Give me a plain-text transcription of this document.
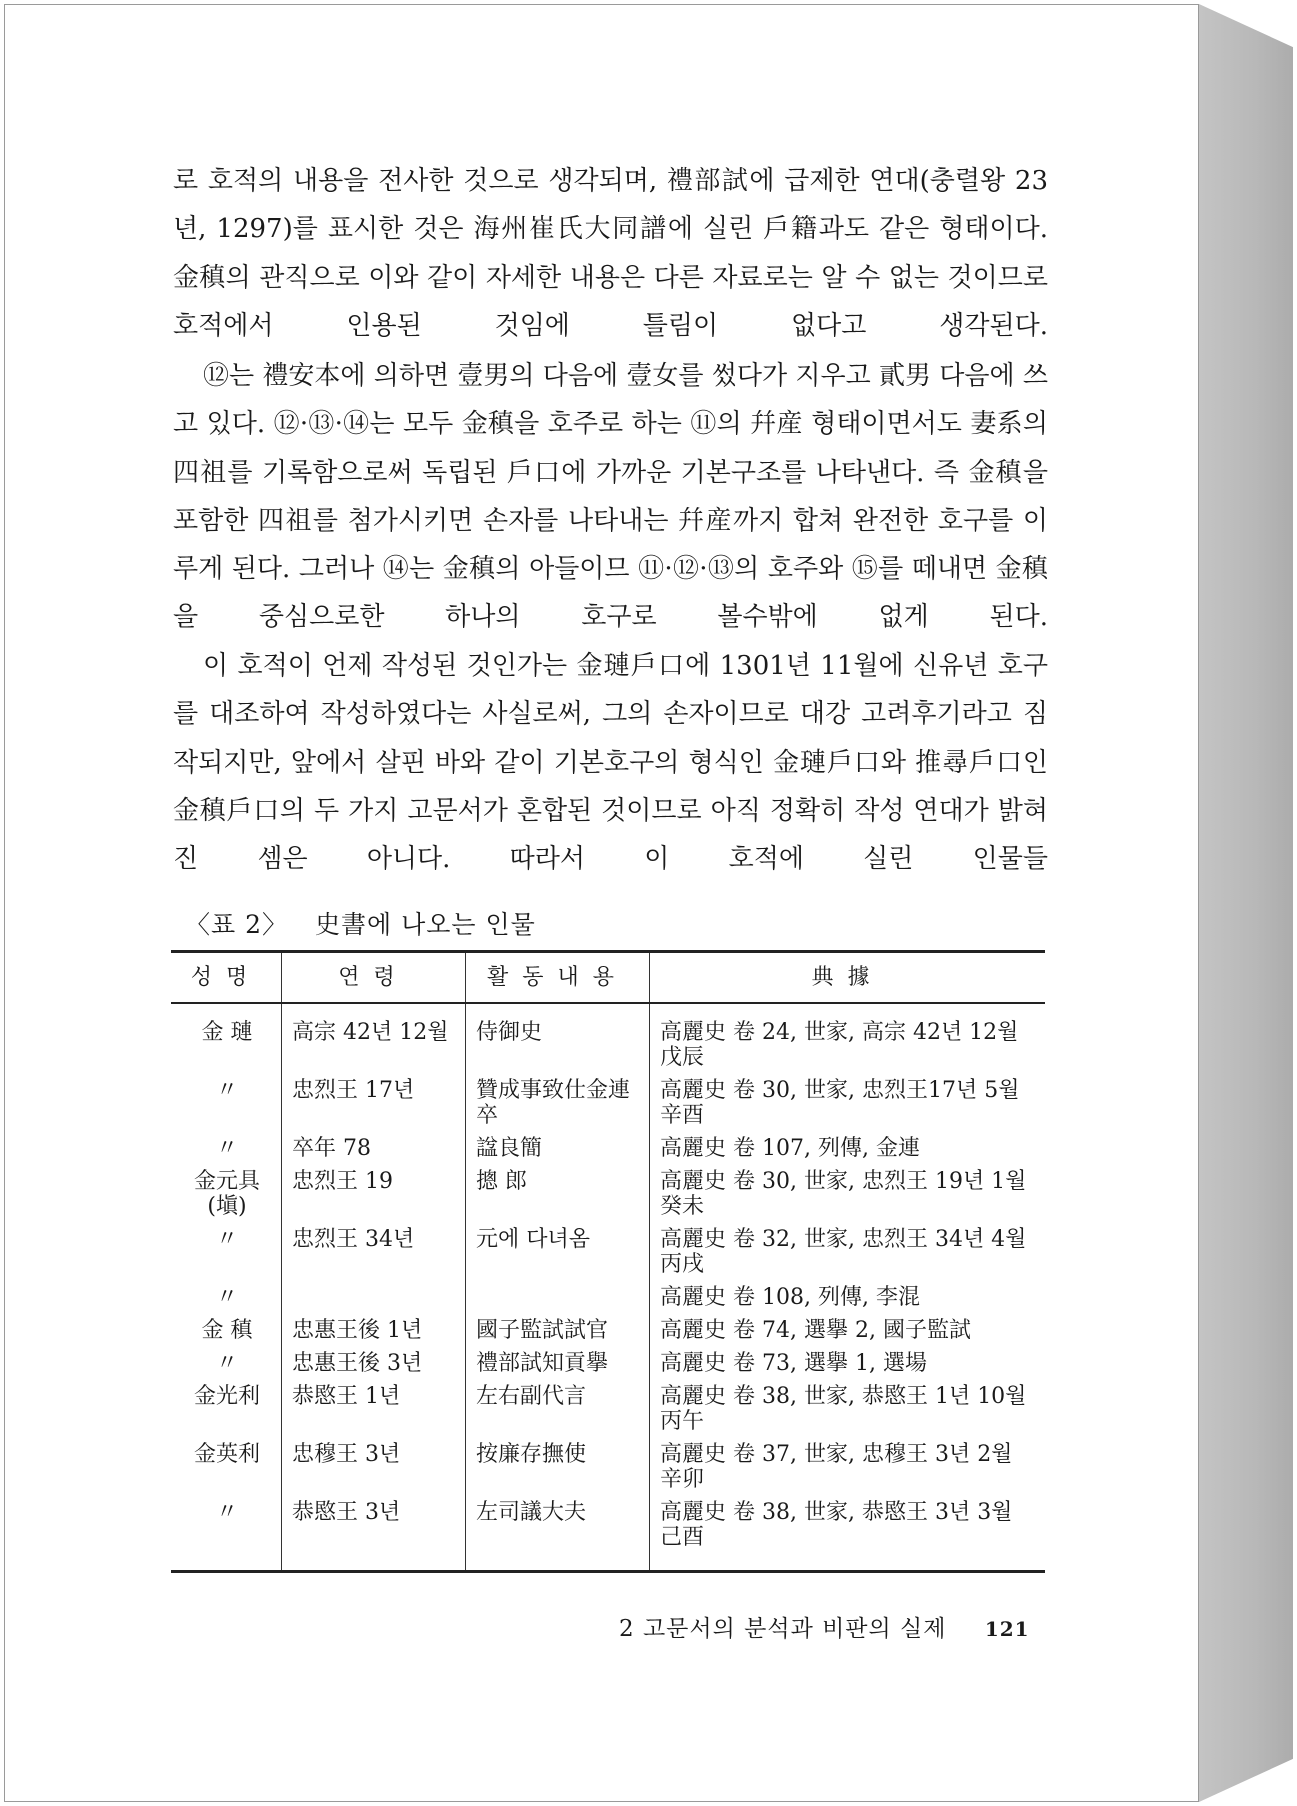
로 호적의 내용을 전사한 것으로 생각되며, 禮部試에 급제한 연대(충렬왕 23년, 1297)를 표시한 것은 海州崔氏大同譜에 실린 戶籍과도 같은 형태이다. 金稹의 관직으로 이와 같이 자세한 내용은 다른 자료로는 알 수 없는 것이므로 호적에서 인용된 것임에 틀림이 없다고 생각된다.

⑫는 禮安本에 의하면 壹男의 다음에 壹女를 썼다가 지우고 貳男 다음에 쓰고 있다. ⑫·⑬·⑭는 모두 金稹을 호주로 하는 ⑪의 幷産 형태이면서도 妻系의 四祖를 기록함으로써 독립된 戶口에 가까운 기본구조를 나타낸다. 즉 金稹을 포함한 四祖를 첨가시키면 손자를 나타내는 幷産까지 합쳐 완전한 호구를 이루게 된다. 그러나 ⑭는 金稹의 아들이므 ⑪·⑫·⑬의 호주와 ⑮를 떼내면 金稹을 중심으로한 하나의 호구로 볼수밖에 없게 된다.

이 호적이 언제 작성된 것인가는 金璉戶口에 1301년 11월에 신유년 호구를 대조하여 작성하였다는 사실로써, 그의 손자이므로 대강 고려후기라고 짐작되지만, 앞에서 살핀 바와 같이 기본호구의 형식인 金璉戶口와 推尋戶口인 金稹戶口의 두 가지 고문서가 혼합된 것이므로 아직 정확히 작성 연대가 밝혀진 셈은 아니다. 따라서 이 호적에 실린 인물들

〈표 2〉 史書에 나오는 인물
성명	연령	활동내용	典據
金 璉	高宗 42년 12월	侍御史	高麗史 卷 24, 世家, 高宗 42년 12월 戊辰
〃	忠烈王 17년	贊成事致仕金連卒	高麗史 卷 30, 世家, 忠烈王17년 5월 辛酉
〃	卒年 78	諡良簡	高麗史 卷 107, 列傳, 金連
金元具(塡)	忠烈王 19	摠 郎	高麗史 卷 30, 世家, 忠烈王 19년 1월 癸未
〃	忠烈王 34년	元에 다녀옴	高麗史 卷 32, 世家, 忠烈王 34년 4월 丙戌
〃			高麗史 卷 108, 列傳, 李混
金 稹	忠惠王後 1년	國子監試試官	高麗史 卷 74, 選擧 2, 國子監試
〃	忠惠王後 3년	禮部試知貢擧	高麗史 卷 73, 選擧 1, 選場
金光利	恭愍王 1년	左右副代言	高麗史 卷 38, 世家, 恭愍王 1년 10월 丙午
金英利	忠穆王 3년	按廉存撫使	高麗史 卷 37, 世家, 忠穆王 3년 2월 辛卯
〃	恭愍王 3년	左司議大夫	高麗史 卷 38, 世家, 恭愍王 3년 3월 己酉
2 고문서의 분석과 비판의 실제 121
